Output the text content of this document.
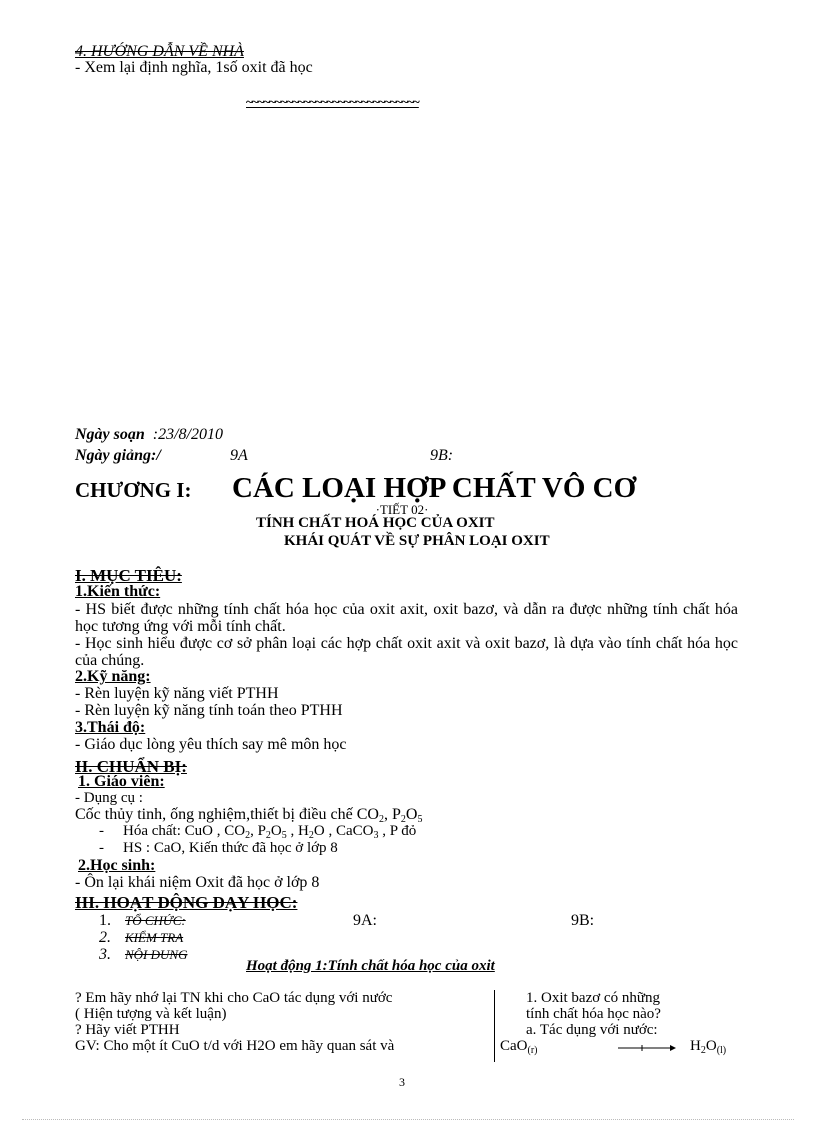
4. HƯỚNG DẪN VỀ NHÀ
- Xem lại định nghĩa, 1số oxit đã học
~~~~~~~~~~~~~~~~~~~~~~~~~~~~~~
Ngày soạn :23/8/2010
Ngày giảng:/	9A	9B:
CHƯƠNG I: CÁC LOẠI HỢP CHẤT VÔ CƠ
·TIẾT 02·
TÍNH CHẤT HOÁ HỌC CỦA OXIT
KHÁI QUÁT VỀ SỰ PHÂN LOẠI OXIT
I. MỤC TIÊU:
1.Kiến thức:
- HS biết được những tính chất hóa học của oxit axit, oxit bazơ, và dẫn ra được những tính chất hóa học tương ứng với mỗi tính chất.
- Học sinh hiểu được cơ sở phân loại các hợp chất oxit axit và oxit bazơ, là dựa vào tính chất hóa học của chúng.
2.Kỹ năng:
- Rèn luyện kỹ năng viết PTHH
- Rèn luyện kỹ năng tính toán theo PTHH
3.Thái độ:
- Giáo dục lòng yêu thích say mê môn học
II. CHUẨN BỊ:
1. Giáo viên:
- Dụng cụ :
Cốc thủy tinh, ống nghiệm,thiết bị điều chế $CO_2$, $P_2O_5$
- Hóa chất: CuO , $CO_2$, $P_2O_5$ , $H_2O$ , CaCO$_3$ , P đỏ
- HS : CaO, Kiến thức đã học ở lớp 8
2.Học sinh:
- Ôn lại khái niệm Oxit đã học ở lớp 8
III. HOẠT ĐỘNG DẠY HỌC:
1. TỔ CHỨC:
2. KIỂM TRA
3. NỘI DUNG
9A:	9B:
Hoạt động 1:Tính chất hóa học của oxit
? Em hãy nhớ lại TN khi cho CaO tác dụng với nước
( Hiện tượng và kết luận)
? Hãy viết PTHH
GV: Cho một ít CuO t/d với H2O em hãy quan sát và
1. Oxit bazơ có những
tính chất hóa học nào?
a. Tác dụng với nước:
CaO$_{(r)}$	→ $H_2O_{(l)}$
3
